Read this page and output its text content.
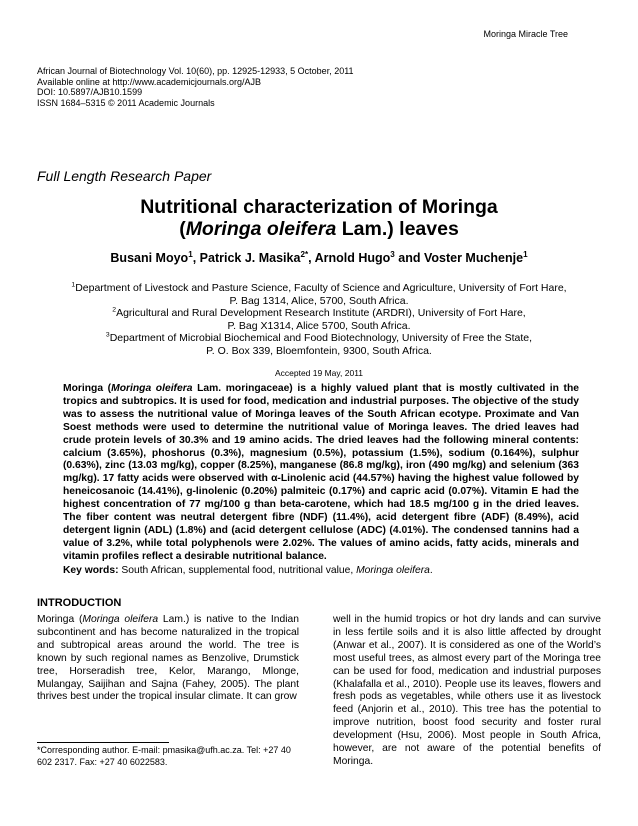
Moringa Miracle Tree
African Journal of Biotechnology Vol. 10(60), pp. 12925-12933, 5 October, 2011
Available online at http://www.academicjournals.org/AJB
DOI: 10.5897/AJB10.1599
ISSN 1684–5315 © 2011 Academic Journals
Full Length Research Paper
Nutritional characterization of Moringa
(Moringa oleifera Lam.) leaves
Busani Moyo$^1$, Patrick J. Masika$^{2*}$, Arnold Hugo$^3$ and Voster Muchenje$^1$
$^1$Department of Livestock and Pasture Science, Faculty of Science and Agriculture, University of Fort Hare,
P. Bag 1314, Alice, 5700, South Africa.
$^2$Agricultural and Rural Development Research Institute (ARDRI), University of Fort Hare,
P. Bag X1314, Alice 5700, South Africa.
$^3$Department of Microbial Biochemical and Food Biotechnology, University of Free the State,
P. O. Box 339, Bloemfontein, 9300, South Africa.
Accepted 19 May, 2011
Moringa (Moringa oleifera Lam. moringaceae) is a highly valued plant that is mostly cultivated in the tropics and subtropics. It is used for food, medication and industrial purposes. The objective of the study was to assess the nutritional value of Moringa leaves of the South African ecotype. Proximate and Van Soest methods were used to determine the nutritional value of Moringa leaves. The dried leaves had crude protein levels of 30.3% and 19 amino acids. The dried leaves had the following mineral contents: calcium (3.65%), phoshorus (0.3%), magnesium (0.5%), potassium (1.5%), sodium (0.164%), sulphur (0.63%), zinc (13.03 mg/kg), copper (8.25%), manganese (86.8 mg/kg), iron (490 mg/kg) and selenium (363 mg/kg). 17 fatty acids were observed with α-Linolenic acid (44.57%) having the highest value followed by heneicosanoic (14.41%), g-linolenic (0.20%) palmiteic (0.17%) and capric acid (0.07%). Vitamin E had the highest concentration of 77 mg/100 g than beta-carotene, which had 18.5 mg/100 g in the dried leaves. The fiber content was neutral detergent fibre (NDF) (11.4%), acid detergent fibre (ADF) (8.49%), acid detergent lignin (ADL) (1.8%) and (acid detergent cellulose (ADC) (4.01%). The condensed tannins had a value of 3.2%, while total polyphenols were 2.02%. The values of amino acids, fatty acids, minerals and vitamin profiles reflect a desirable nutritional balance.
Key words: South African, supplemental food, nutritional value, Moringa oleifera.
INTRODUCTION
Moringa (Moringa oleifera Lam.) is native to the Indian subcontinent and has become naturalized in the tropical and subtropical areas around the world. The tree is known by such regional names as Benzolive, Drumstick tree, Horseradish tree, Kelor, Marango, Mlonge, Mulangay, Saijihan and Sajna (Fahey, 2005). The plant thrives best under the tropical insular climate. It can grow
well in the humid tropics or hot dry lands and can survive in less fertile soils and it is also little affected by drought (Anwar et al., 2007). It is considered as one of the World’s most useful trees, as almost every part of the Moringa tree can be used for food, medication and industrial purposes (Khalafalla et al., 2010). People use its leaves, flowers and fresh pods as vegetables, while others use it as livestock feed (Anjorin et al., 2010). This tree has the potential to improve nutrition, boost food security and foster rural development (Hsu, 2006). Most people in South Africa, however, are not aware of the potential benefits of Moringa.
*Corresponding author. E-mail: pmasika@ufh.ac.za. Tel: +27 40 602 2317. Fax: +27 40 6022583.
